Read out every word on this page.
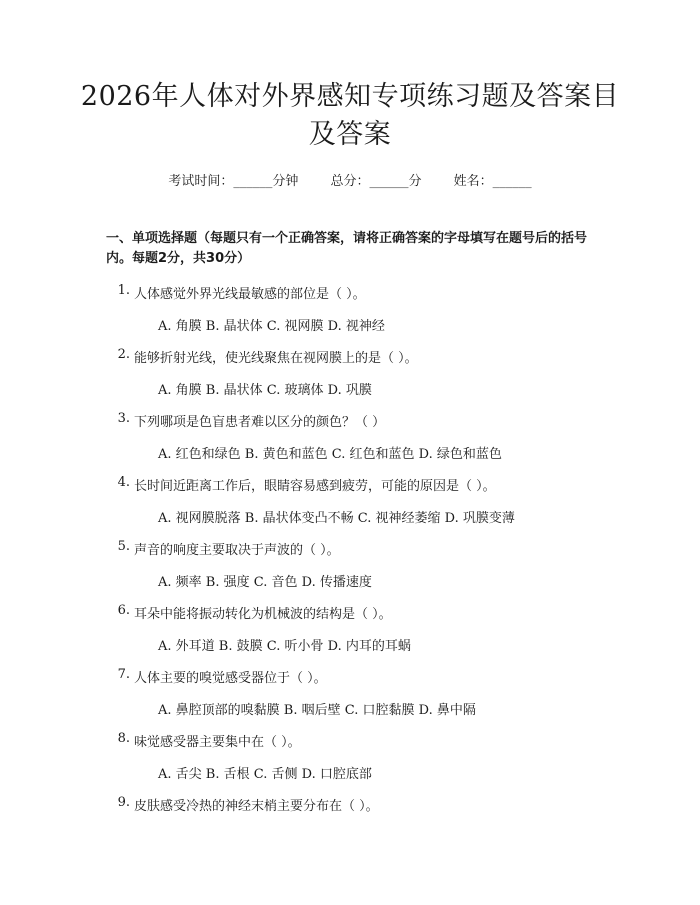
2026年人体对外界感知专项练习题及答案目
及答案
考试时间：______分钟 总分：______分 姓名：______
一、单项选择题（每题只有一个正确答案，请将正确答案的字母填写在题号后的括号内。每题2分，共30分）
1. 人体感觉外界光线最敏感的部位是（ ）。
A. 角膜 B. 晶状体 C. 视网膜 D. 视神经
2. 能够折射光线，使光线聚焦在视网膜上的是（ ）。
A. 角膜 B. 晶状体 C. 玻璃体 D. 巩膜
3. 下列哪项是色盲患者难以区分的颜色？（ ）
A. 红色和绿色 B. 黄色和蓝色 C. 红色和蓝色 D. 绿色和蓝色
4. 长时间近距离工作后，眼睛容易感到疲劳，可能的原因是（ ）。
A. 视网膜脱落 B. 晶状体变凸不畅 C. 视神经萎缩 D. 巩膜变薄
5. 声音的响度主要取决于声波的（ ）。
A. 频率 B. 强度 C. 音色 D. 传播速度
6. 耳朵中能将振动转化为机械波的结构是（ ）。
A. 外耳道 B. 鼓膜 C. 听小骨 D. 内耳的耳蜗
7. 人体主要的嗅觉感受器位于（ ）。
A. 鼻腔顶部的嗅黏膜 B. 咽后壁 C. 口腔黏膜 D. 鼻中隔
8. 味觉感受器主要集中在（ ）。
A. 舌尖 B. 舌根 C. 舌侧 D. 口腔底部
9. 皮肤感受冷热的神经末梢主要分布在（ ）。
